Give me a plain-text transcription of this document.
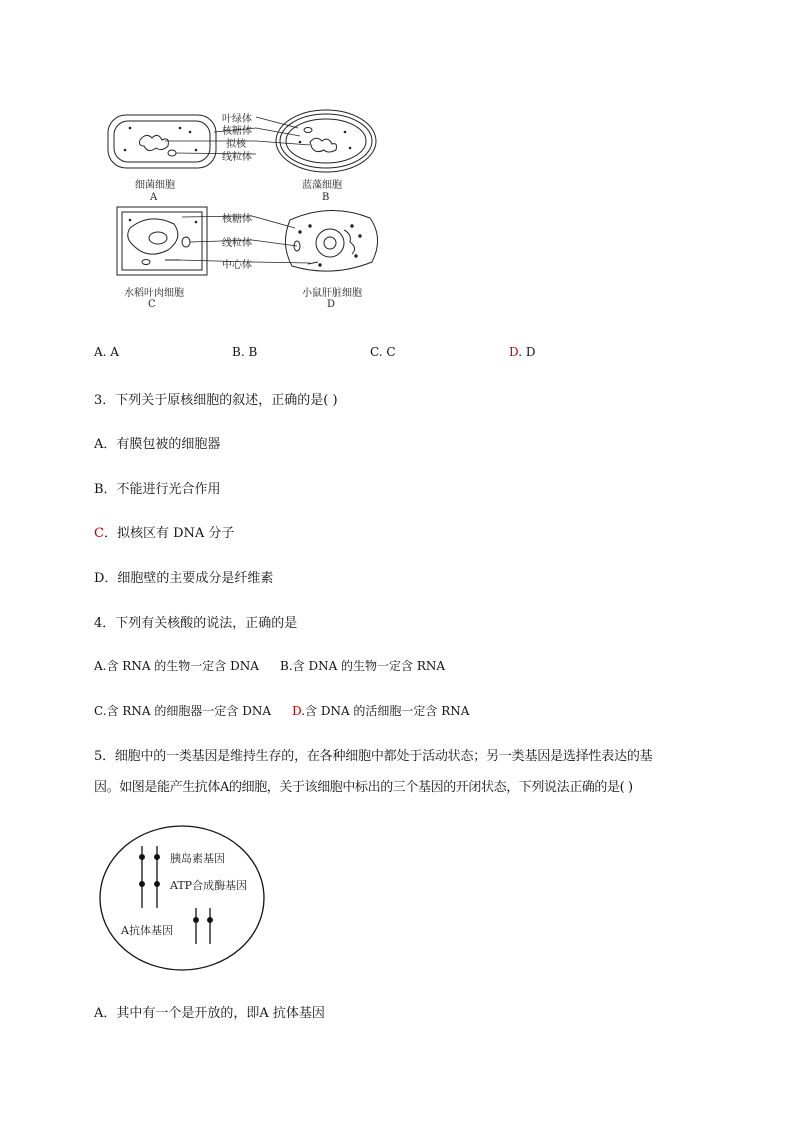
叶绿体
核糖体
拟核
线粒体
细菌细胞
A
蓝藻细胞
B
核糖体
线粒体
中心体
水稻叶肉细胞
C
小鼠肝脏细胞
D
A. A	B. B	C. C	D. D
3．下列关于原核细胞的叙述，正确的是( )
A．有膜包被的细胞器
B．不能进行光合作用
C．拟核区有 DNA 分子
D．细胞壁的主要成分是纤维素
4．下列有关核酸的说法，正确的是
A.含 RNA 的生物一定含 DNA B.含 DNA 的生物一定含 RNA
C.含 RNA 的细胞器一定含 DNA D.含 DNA 的活细胞一定含 RNA
5．细胞中的一类基因是维持生存的，在各种细胞中都处于活动状态；另一类基因是选择性表达的基
因。如图是能产生抗体A的细胞，关于该细胞中标出的三个基因的开闭状态，下列说法正确的是( )
胰岛素基因
ATP合成酶基因
A抗体基因
A．其中有一个是开放的，即A 抗体基因
